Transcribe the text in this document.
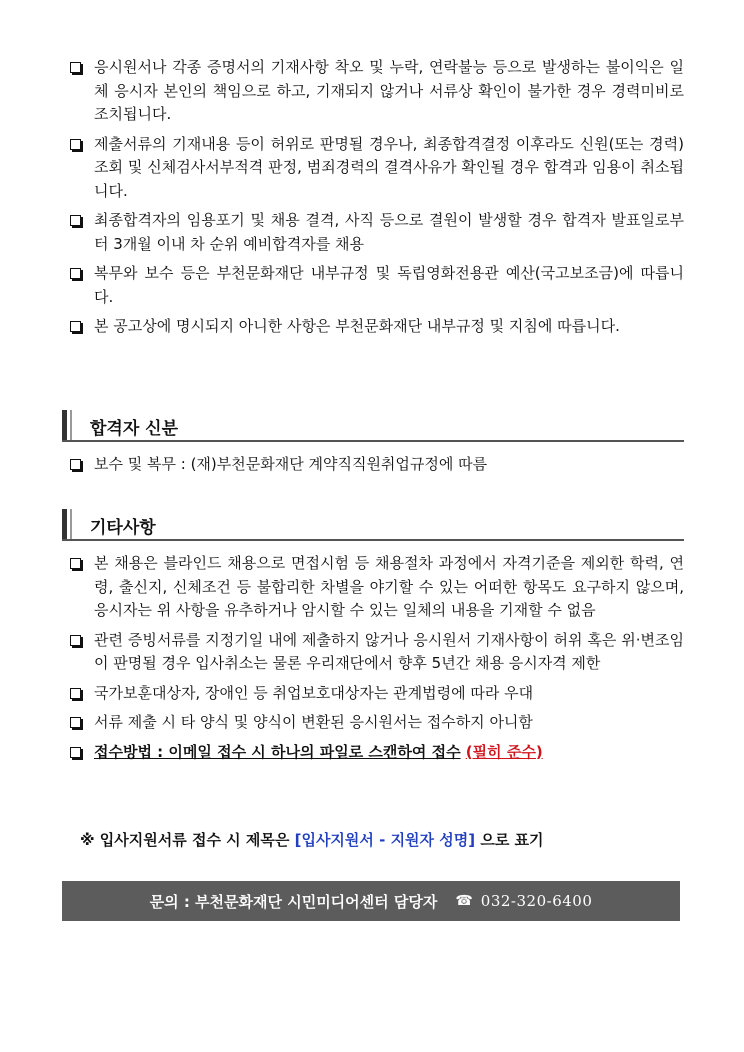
응시원서나 각종 증명서의 기재사항 착오 및 누락, 연락불능 등으로 발생하는 불이익은 일체 응시자 본인의 책임으로 하고, 기재되지 않거나 서류상 확인이 불가한 경우 경력미비로 조치됩니다.
제출서류의 기재내용 등이 허위로 판명될 경우나, 최종합격결정 이후라도 신원(또는 경력)조회 및 신체검사서부적격 판정, 범죄경력의 결격사유가 확인될 경우 합격과 임용이 취소됩니다.
최종합격자의 임용포기 및 채용 결격, 사직 등으로 결원이 발생할 경우 합격자 발표일로부터 3개월 이내 차 순위 예비합격자를 채용
복무와 보수 등은 부천문화재단 내부규정 및 독립영화전용관 예산(국고보조금)에 따릅니다.
본 공고상에 명시되지 아니한 사항은 부천문화재단 내부규정 및 지침에 따릅니다.
합격자 신분
보수 및 복무 : (재)부천문화재단 계약직직원취업규정에 따름
기타사항
본 채용은 블라인드 채용으로 면접시험 등 채용절차 과정에서 자격기준을 제외한 학력, 연령, 출신지, 신체조건 등 불합리한 차별을 야기할 수 있는 어떠한 항목도 요구하지 않으며, 응시자는 위 사항을 유추하거나 암시할 수 있는 일체의 내용을 기재할 수 없음
관련 증빙서류를 지정기일 내에 제출하지 않거나 응시원서 기재사항이 허위 혹은 위·변조임이 판명될 경우 입사취소는 물론 우리재단에서 향후 5년간 채용 응시자격 제한
국가보훈대상자, 장애인 등 취업보호대상자는 관계법령에 따라 우대
서류 제출 시 타 양식 및 양식이 변환된 응시원서는 접수하지 아니함
접수방법 : 이메일 접수 시 하나의 파일로 스캔하여 접수 (필히 준수)
※ 입사지원서류 접수 시 제목은 [입사지원서 - 지원자 성명] 으로 표기
문의 : 부천문화재단 시민미디어센터 담당자 ☎ 032-320-6400
